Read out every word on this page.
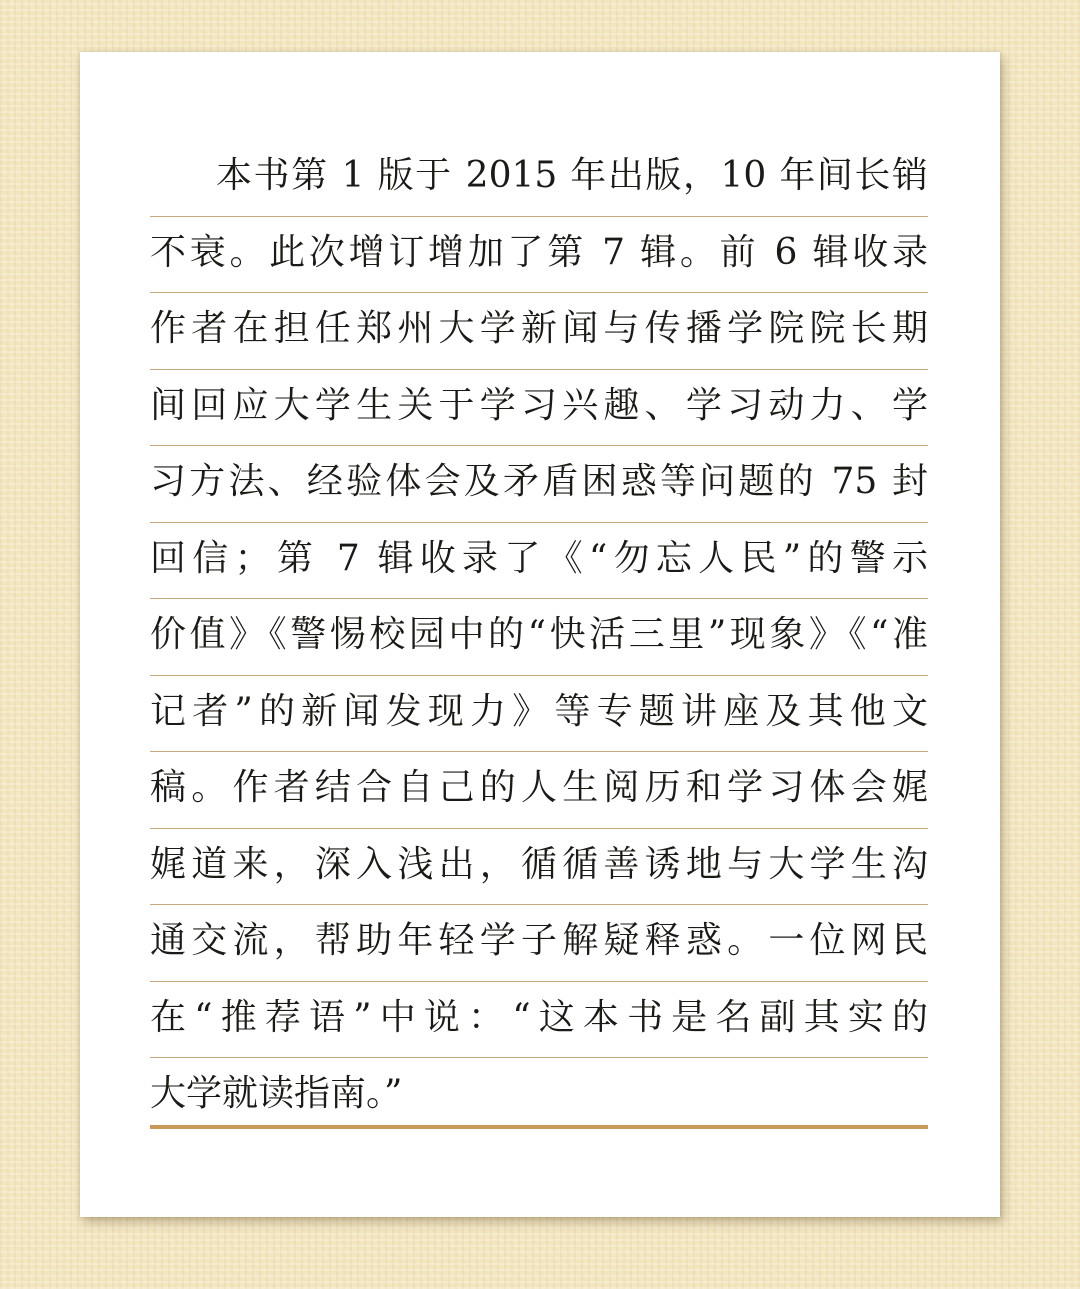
本书第 1 版于 2015 年出版，10 年间长销
不衰。此次增订增加了第 7 辑。前 6 辑收录
作者在担任郑州大学新闻与传播学院院长期
间回应大学生关于学习兴趣、学习动力、学
习方法、经验体会及矛盾困惑等问题的 75 封
回信；第 7 辑收录了《“勿忘人民”的警示
价值》《警惕校园中的“快活三里”现象》《“准
记者”的新闻发现力》等专题讲座及其他文
稿。作者结合自己的人生阅历和学习体会娓
娓道来，深入浅出，循循善诱地与大学生沟
通交流，帮助年轻学子解疑释惑。一位网民
在“推荐语”中说：“这本书是名副其实的
大学就读指南。”
